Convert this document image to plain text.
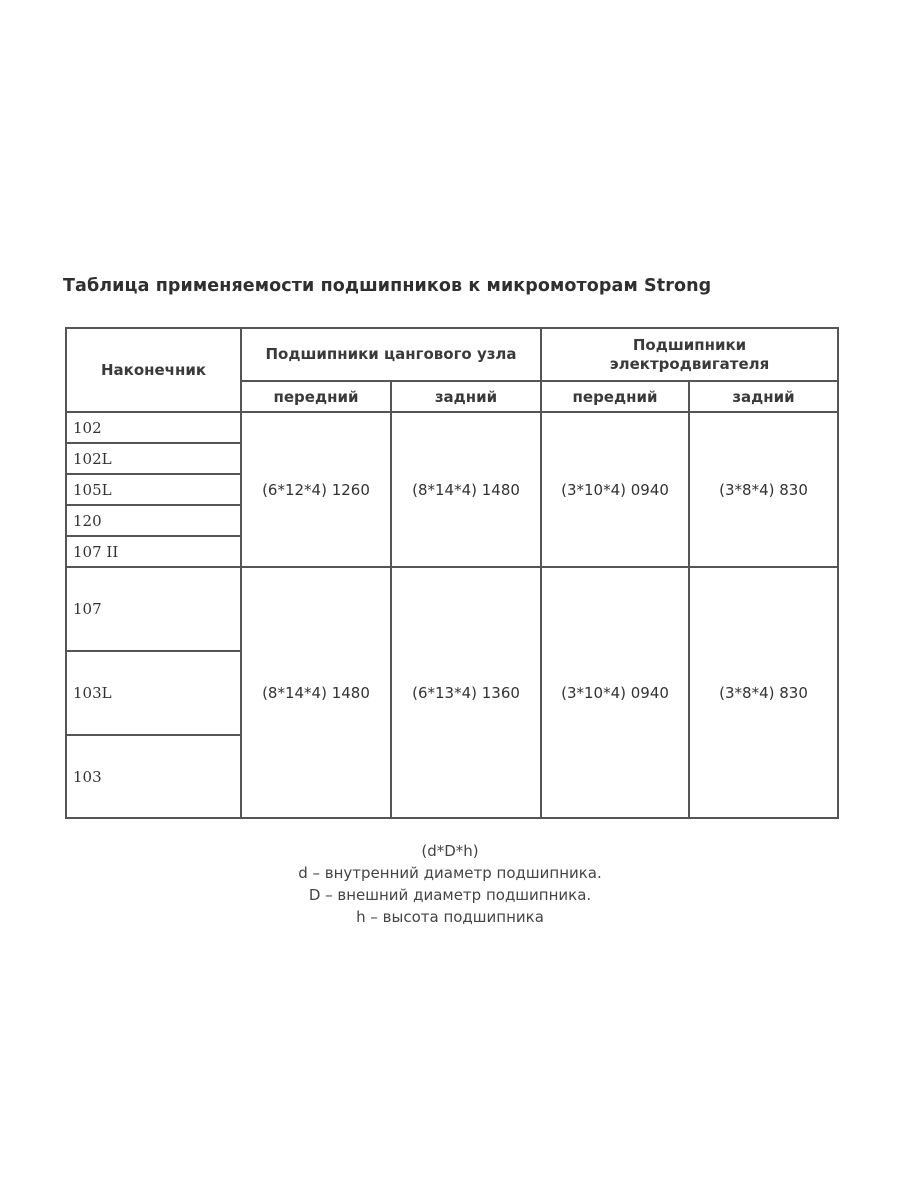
Таблица применяемости подшипников к микромоторам Strong
Наконечник	Подшипники цангового узла		Подшипники электродвигателя	
	передний	задний	передний	задний
102	(6*12*4) 1260	(8*14*4) 1480	(3*10*4) 0940	(3*8*4) 830
102L				
105L				
120				
107 II				
107	(8*14*4) 1480	(6*13*4) 1360	(3*10*4) 0940	(3*8*4) 830
103L				
103				
(d*D*h)
d – внутренний диаметр подшипника.
D – внешний диаметр подшипника.
h – высота подшипника
